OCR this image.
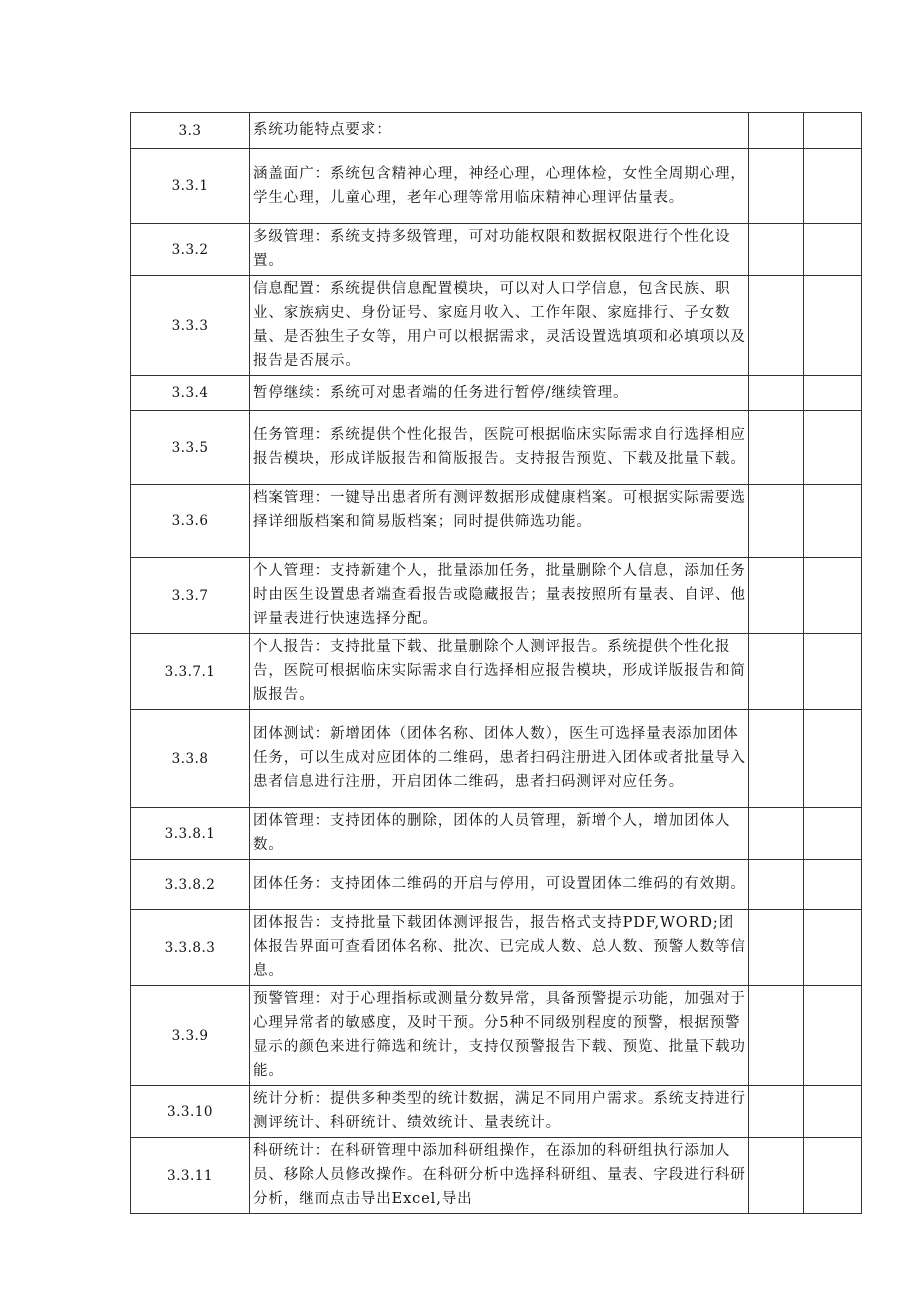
3.3	系统功能特点要求：		
3.3.1	涵盖面广：系统包含精神心理，神经心理，心理体检，女性全周期心理，学生心理，儿童心理，老年心理等常用临床精神心理评估量表。		
3.3.2	多级管理：系统支持多级管理，可对功能权限和数据权限进行个性化设置。		
3.3.3	信息配置：系统提供信息配置模块，可以对人口学信息，包含民族、职业、家族病史、身份证号、家庭月收入、工作年限、家庭排行、子女数量、是否独生子女等，用户可以根据需求，灵活设置选填项和必填项以及报告是否展示。		
3.3.4	暂停继续：系统可对患者端的任务进行暂停/继续管理。		
3.3.5	任务管理：系统提供个性化报告，医院可根据临床实际需求自行选择相应报告模块，形成详版报告和简版报告。支持报告预览、下载及批量下载。		
3.3.6	档案管理：一键导出患者所有测评数据形成健康档案。可根据实际需要选择详细版档案和简易版档案；同时提供筛选功能。		
3.3.7	个人管理：支持新建个人，批量添加任务，批量删除个人信息，添加任务时由医生设置患者端查看报告或隐藏报告；量表按照所有量表、自评、他评量表进行快速选择分配。		
3.3.7.1	个人报告：支持批量下载、批量删除个人测评报告。系统提供个性化报告，医院可根据临床实际需求自行选择相应报告模块，形成详版报告和简版报告。		
3.3.8	团体测试：新增团体（团体名称、团体人数），医生可选择量表添加团体任务，可以生成对应团体的二维码，患者扫码注册进入团体或者批量导入患者信息进行注册，开启团体二维码，患者扫码测评对应任务。		
3.3.8.1	团体管理：支持团体的删除，团体的人员管理，新增个人，增加团体人数。		
3.3.8.2	团体任务：支持团体二维码的开启与停用，可设置团体二维码的有效期。		
3.3.8.3	团体报告：支持批量下载团体测评报告，报告格式支持PDF,WORD;团体报告界面可查看团体名称、批次、已完成人数、总人数、预警人数等信息。		
3.3.9	预警管理：对于心理指标或测量分数异常，具备预警提示功能，加强对于心理异常者的敏感度，及时干预。分5种不同级别程度的预警，根据预警显示的颜色来进行筛选和统计，支持仅预警报告下载、预览、批量下载功能。		
3.3.10	统计分析：提供多种类型的统计数据，满足不同用户需求。系统支持进行测评统计、科研统计、绩效统计、量表统计。		
3.3.11	科研统计：在科研管理中添加科研组操作，在添加的科研组执行添加人员、移除人员修改操作。在科研分析中选择科研组、量表、字段进行科研分析，继而点击导出Excel,导出		
